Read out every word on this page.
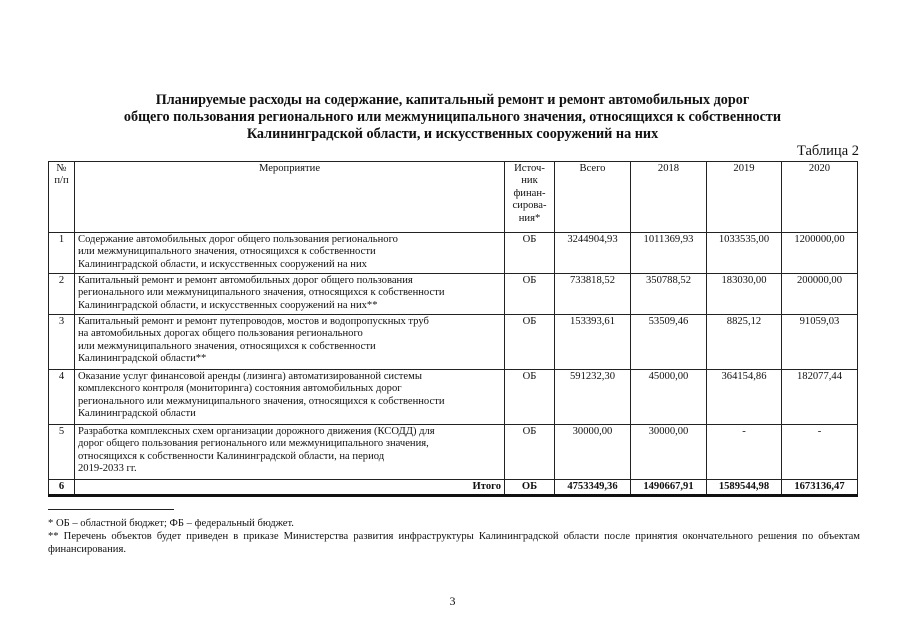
Планируемые расходы на содержание, капитальный ремонт и ремонт автомобильных дорог
общего пользования регионального или межмуниципального значения, относящихся к собственности
Калининградской области, и искусственных сооружений на них
Таблица 2
№
п/п	Мероприятие	Источ-
ник
финан-
сирова-
ния*	Всего	2018	2019	2020
1	Содержание автомобильных дорог общего пользования регионального
или межмуниципального значения, относящихся к собственности
Калининградской области, и искусственных сооружений на них	ОБ	3244904,93	1011369,93	1033535,00	1200000,00
2	Капитальный ремонт и ремонт автомобильных дорог общего пользования
регионального или межмуниципального значения, относящихся к собственности
Калининградской области, и искусственных сооружений на них**	ОБ	733818,52	350788,52	183030,00	200000,00
3	Капитальный ремонт и ремонт путепроводов, мостов и водопропускных труб
на автомобильных дорогах общего пользования регионального
или межмуниципального значения, относящихся к собственности
Калининградской области**	ОБ	153393,61	53509,46	8825,12	91059,03
4	Оказание услуг финансовой аренды (лизинга) автоматизированной системы
комплексного контроля (мониторинга) состояния автомобильных дорог
регионального или межмуниципального значения, относящихся к собственности
Калининградской области	ОБ	591232,30	45000,00	364154,86	182077,44
5	Разработка комплексных схем организации дорожного движения (КСОДД) для
дорог общего пользования регионального или межмуниципального значения,
относящихся к собственности Калининградской области, на период
2019-2033 гг.	ОБ	30000,00	30000,00	-	-
6	Итого	ОБ	4753349,36	1490667,91	1589544,98	1673136,47
* ОБ – областной бюджет; ФБ – федеральный бюджет.
** Перечень объектов будет приведен в приказе Министерства развития инфраструктуры Калининградской области после принятия окончательного решения по объектам финансирования.
3
